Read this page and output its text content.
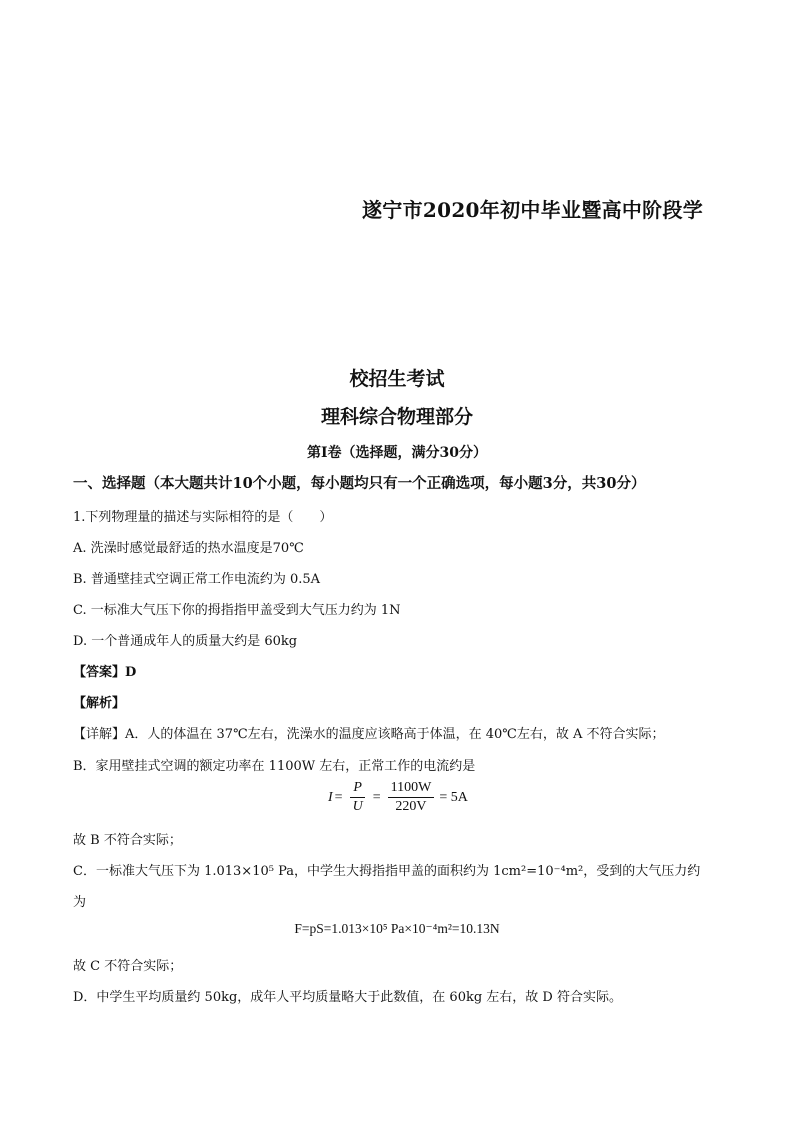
遂宁市2020年初中毕业暨高中阶段学
校招生考试
理科综合物理部分
第Ⅰ卷（选择题，满分30分）
一、选择题（本大题共计10个小题，每小题均只有一个正确选项，每小题3分，共30分）
1.下列物理量的描述与实际相符的是（　　）
A. 洗澡时感觉最舒适的热水温度是70℃
B. 普通壁挂式空调正常工作电流约为 0.5A
C. 一标准大气压下你的拇指指甲盖受到大气压力约为 1N
D. 一个普通成年人的质量大约是 60kg
【答案】D
【解析】
【详解】A．人的体温在 37℃左右，洗澡水的温度应该略高于体温，在 40℃左右，故 A 不符合实际；
B．家用壁挂式空调的额定功率在 1100W 左右，正常工作的电流约是
$I = \frac{P}{U} = \frac{1100W}{220V} = 5A$
故 B 不符合实际；
C．一标准大气压下为 1.013×10⁵ Pa，中学生大拇指指甲盖的面积约为 1cm²=10⁻⁴m²，受到的大气压力约
为
F=pS=1.013×10⁵ Pa×10⁻⁴m²=10.13N
故 C 不符合实际；
D．中学生平均质量约 50kg，成年人平均质量略大于此数值，在 60kg 左右，故 D 符合实际。
